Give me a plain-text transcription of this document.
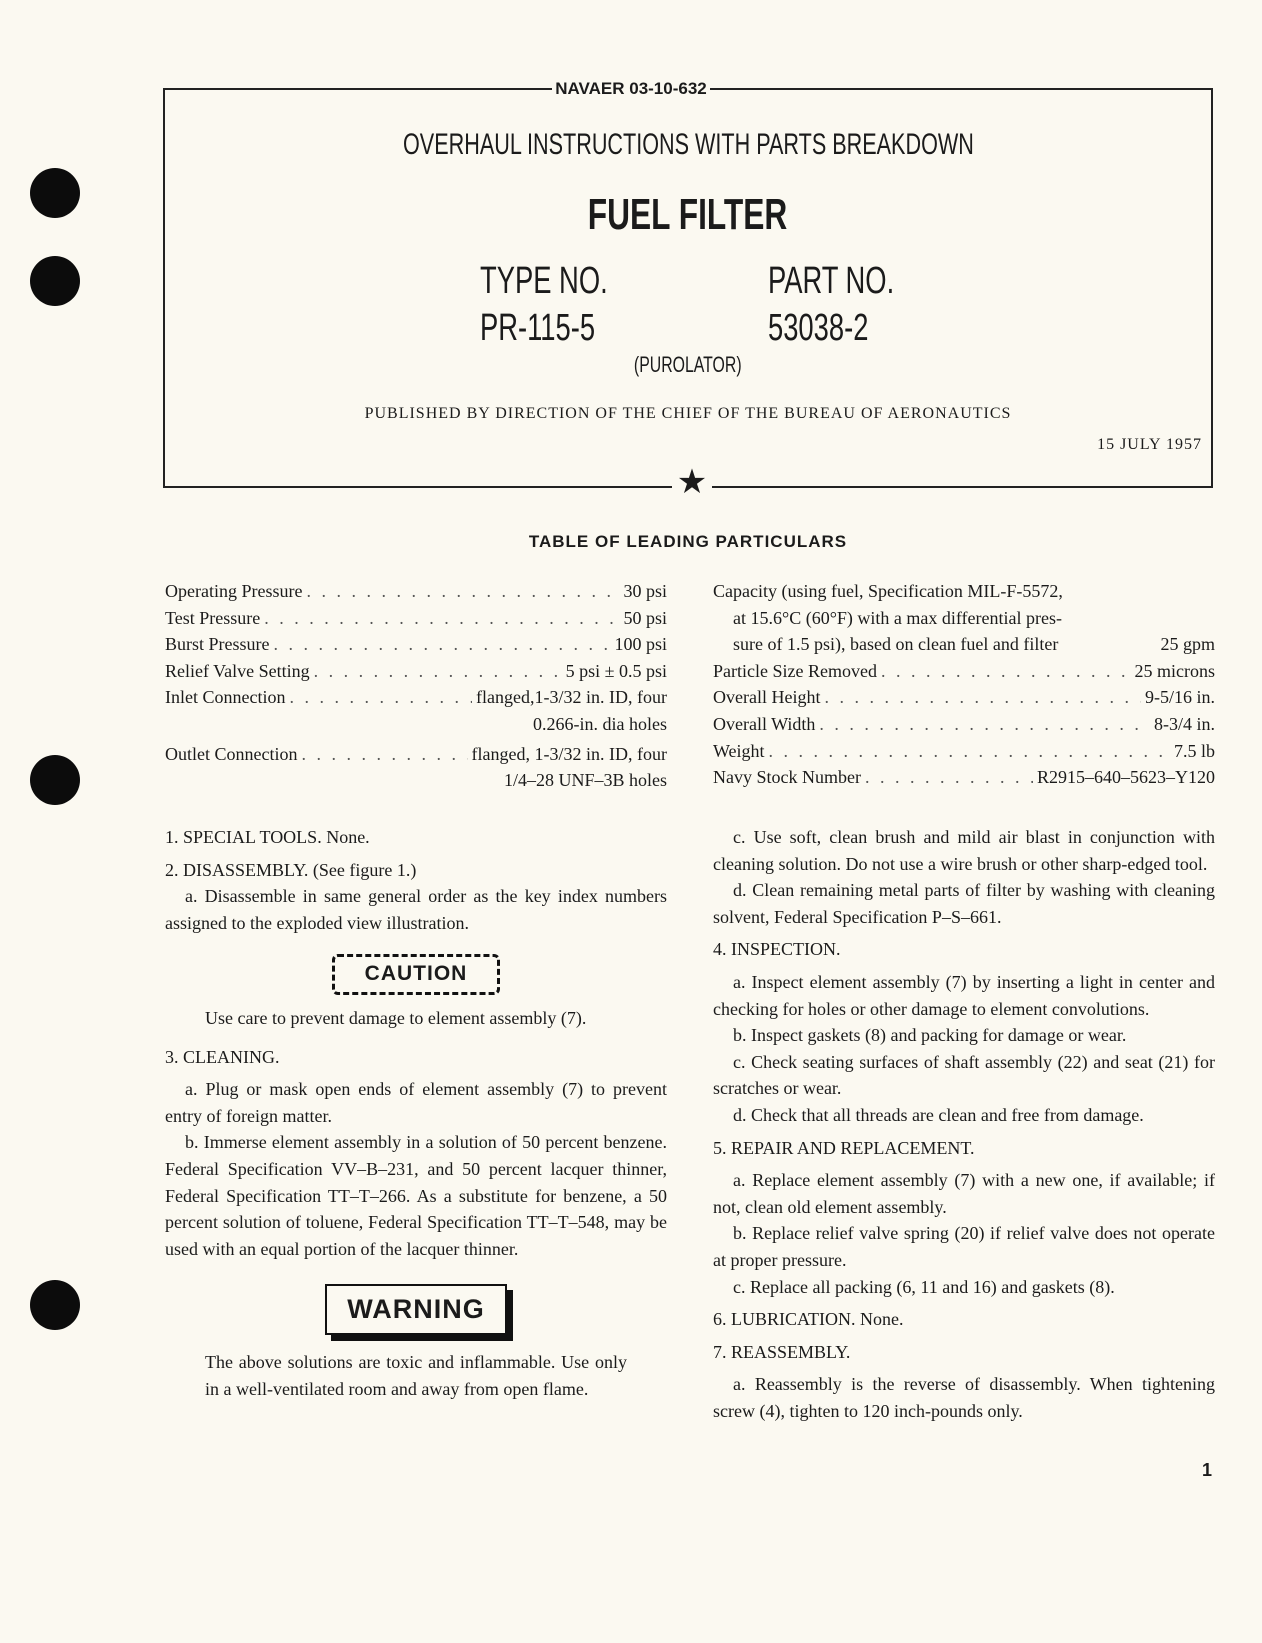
NAVAER 03-10-632
OVERHAUL INSTRUCTIONS WITH PARTS BREAKDOWN
FUEL FILTER
TYPE NO.
PR-115-5
PART NO.
53038-2
(PUROLATOR)
PUBLISHED BY DIRECTION OF THE CHIEF OF THE BUREAU OF AERONAUTICS
15 JULY 1957
★
TABLE OF LEADING PARTICULARS
Operating Pressure . . .	30 psi
Test Pressure . . .	50 psi
Burst Pressure . . .	100 psi
Relief Valve Setting . . .	5 psi ± 0.5 psi
Inlet Connection . . .	flanged,1-3/32 in. ID, four
0.266-in. dia holes
Outlet Connection . . .	flanged, 1-3/32 in. ID, four
1/4–28 UNF–3B holes
Capacity (using fuel, Specification MIL-F-5572,
at 15.6°C (60°F) with a max differential pres-
sure of 1.5 psi), based on clean fuel and filter	25 gpm
Particle Size Removed . . .	25 microns
Overall Height . . .	9-5/16 in.
Overall Width . . .	8-3/4 in.
Weight . . .	7.5 lb
Navy Stock Number . . .	R2915–640–5623–Y120

1. SPECIAL TOOLS. None.

2. DISASSEMBLY. (See figure 1.)

a. Disassemble in same general order as the key index numbers assigned to the exploded view illustration.

CAUTION

Use care to prevent damage to element assembly (7).

3. CLEANING.

a. Plug or mask open ends of element assembly (7) to prevent entry of foreign matter.

b. Immerse element assembly in a solution of 50 percent benzene. Federal Specification VV–B–231, and 50 percent lacquer thinner, Federal Specification TT–T–266. As a substitute for benzene, a 50 percent solution of toluene, Federal Specification TT–T–548, may be used with an equal portion of the lacquer thinner.

WARNING

The above solutions are toxic and inflammable. Use only in a well-ventilated room and away from open flame.

c. Use soft, clean brush and mild air blast in conjunction with cleaning solution. Do not use a wire brush or other sharp-edged tool.

d. Clean remaining metal parts of filter by washing with cleaning solvent, Federal Specification P–S–661.

4. INSPECTION.

a. Inspect element assembly (7) by inserting a light in center and checking for holes or other damage to element convolutions.

b. Inspect gaskets (8) and packing for damage or wear.

c. Check seating surfaces of shaft assembly (22) and seat (21) for scratches or wear.

d. Check that all threads are clean and free from damage.

5. REPAIR AND REPLACEMENT.

a. Replace element assembly (7) with a new one, if available; if not, clean old element assembly.

b. Replace relief valve spring (20) if relief valve does not operate at proper pressure.

c. Replace all packing (6, 11 and 16) and gaskets (8).

6. LUBRICATION. None.

7. REASSEMBLY.

a. Reassembly is the reverse of disassembly. When tightening screw (4), tighten to 120 inch-pounds only.

1
